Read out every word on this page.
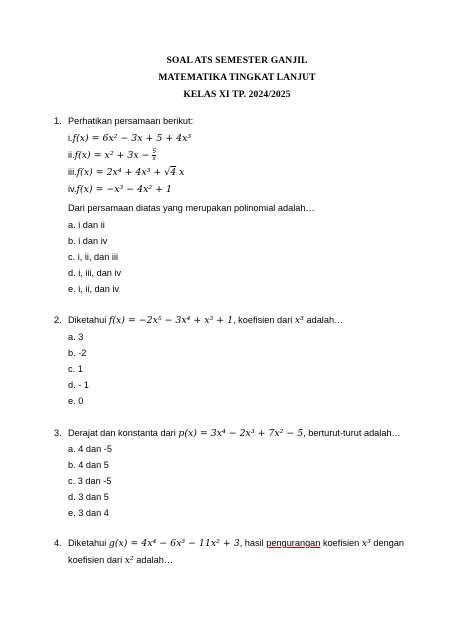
SOAL ATS SEMESTER GANJIL
MATEMATIKA TINGKAT LANJUT
KELAS XI TP. 2024/2025
1. Perhatikan persamaan berikut:
i.f(x) = 6x² − 3x + 5 + 4x³
$ii.f(x) = x^2 + 3x - \frac{5}{x}$
iii.f(x) = 2x⁴ + 4x³ + √4 x
iv.f(x) = −x³ − 4x² + 1
Dari persamaan diatas yang merupakan polinomial adalah…
a. i dan ii
b. i dan iv
c. i, ii, dan iii
d. i, iii, dan iv
e. i, ii, dan iv
2. Diketahui f(x) = −2x⁵ − 3x⁴ + x³ + 1, koefisien dari x³ adalah…
a. 3
b. -2
c. 1
d. - 1
e. 0
3. Derajat dan konstanta dari p(x) = 3x⁴ − 2x³ + 7x² − 5, berturut-turut adalah…
a. 4 dan -5
b. 4 dan 5
c. 3 dan -5
d. 3 dan 5
e. 3 dan 4
4. Diketahui g(x) = 4x⁴ − 6x³ − 11x² + 3, hasil pengurangan koefisien x³ dengan
koefisien dari x² adalah…
